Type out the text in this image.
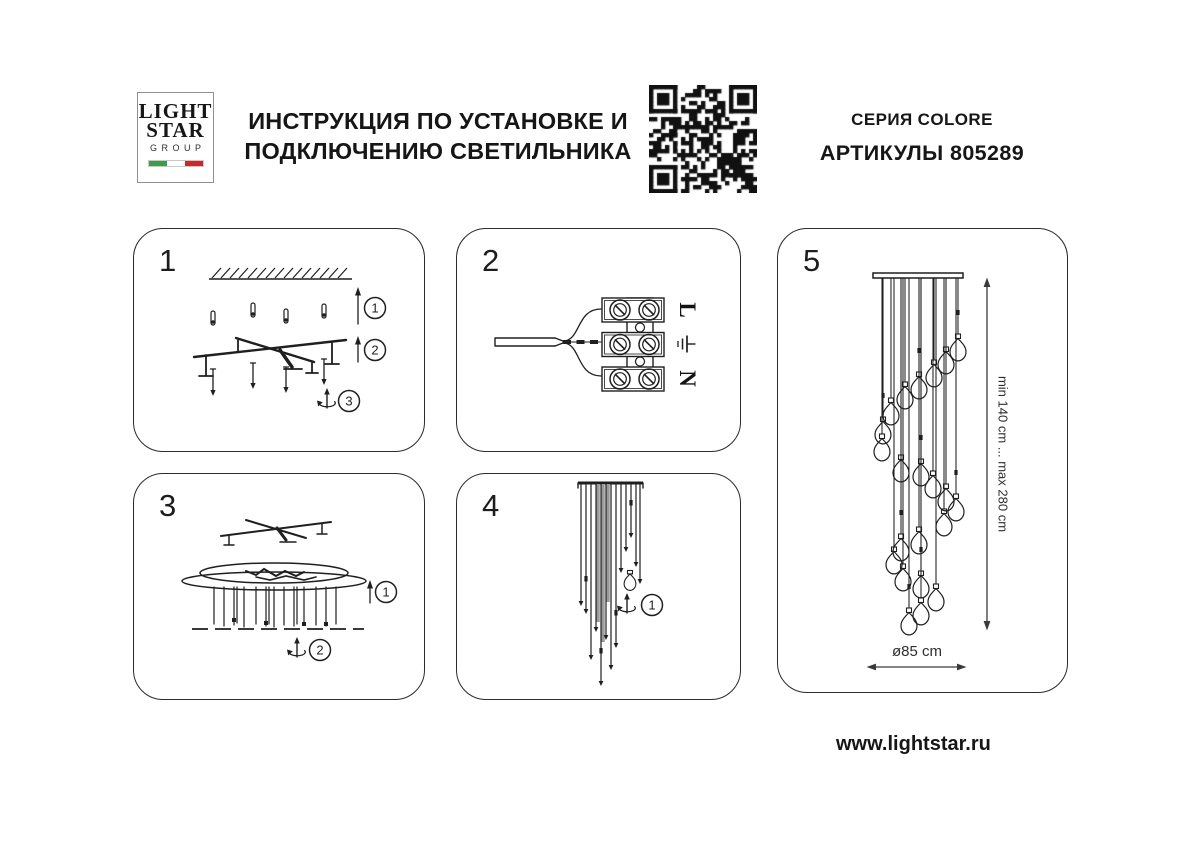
LIGHT
STAR
GROUP
ИНСТРУКЦИЯ ПО УСТАНОВКЕ И
ПОДКЛЮЧЕНИЮ СВЕТИЛЬНИКА
СЕРИЯ COLORE
АРТИКУЛЫ 805289
1
2
3
1
L
N
2
1
2
3
1
4	min 140 cm ... max 280 cm
ø85 cm
5
www.lightstar.ru
